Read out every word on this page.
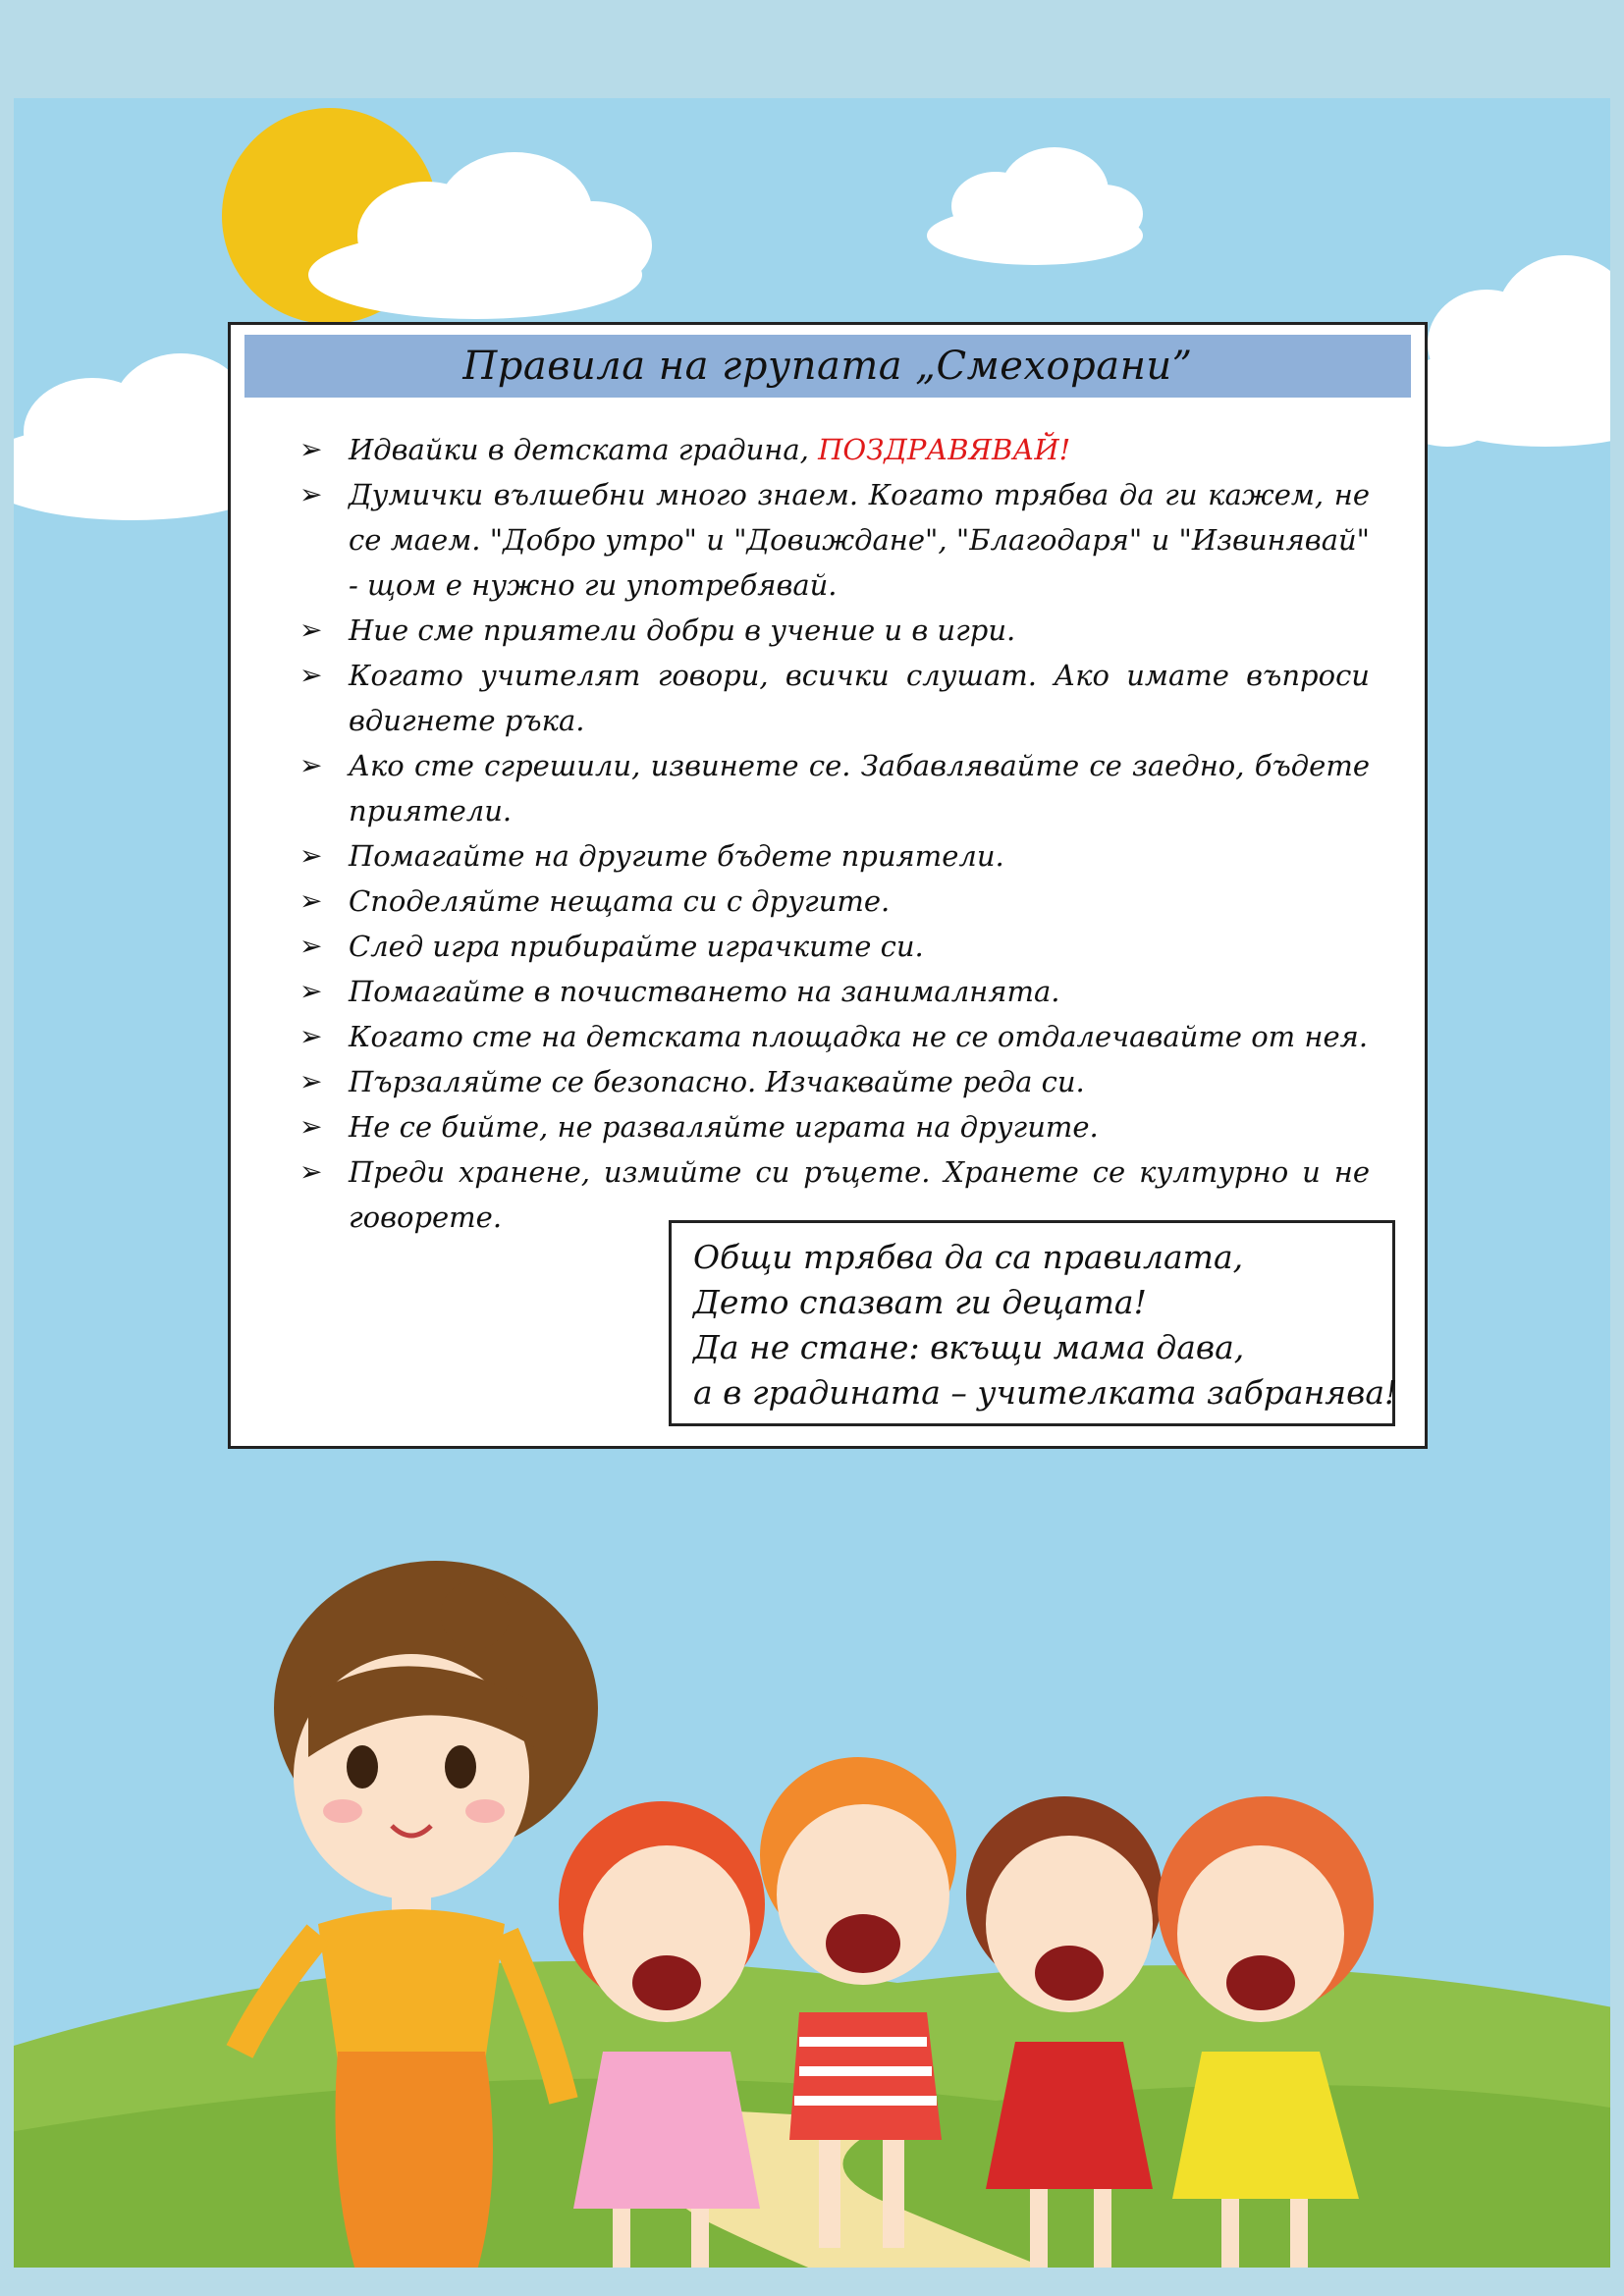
Правила на групата „Смехорани”
➢ Идвайки в детската градина, ПОЗДРАВЯВАЙ!
➢ Думички вълшебни много знаем. Когато трябва да ги кажем, не се маем. "Добро утро" и "Довиждане", "Благодаря" и "Извинявай" - щом е нужно ги употребявай.
➢ Ние сме приятели добри в учение и в игри.
➢ Когато учителят говори, всички слушат. Ако имате въпроси вдигнете ръка.
➢ Ако сте сгрешили, извинете се. Забавлявайте се заедно, бъдете приятели.
➢ Помагайте на другите бъдете приятели.
➢ Споделяйте нещата си с другите.
➢ След игра прибирайте играчките си.
➢ Помагайте в почистването на занималнята.
➢ Когато сте на детската площадка не се отдалечавайте от нея.
➢ Пързаляйте се безопасно. Изчаквайте реда си.
➢ Не се бийте, не разваляйте играта на другите.
➢ Преди хранене, измийте си ръцете. Хранете се културно и не говорете.
Общи трябва да са правилата,
Дето спазват ги децата!
Да не стане: вкъщи мама дава,
а в градината – учителката забранява!
